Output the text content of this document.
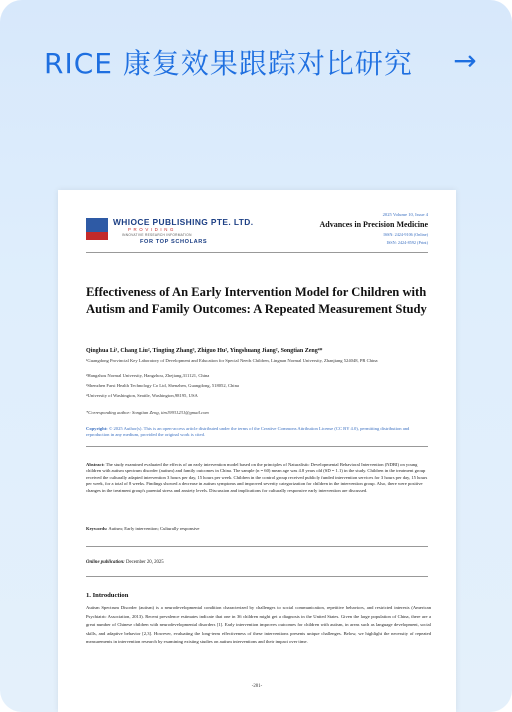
RICE 康复效果跟踪对比研究	→
WHIOCE PUBLISHING PTE. LTD.
PROVIDING
INNOVATIVE RESEARCH INFORMATION
FOR TOP SCHOLARS
2025 Volume 10, Issue 4
Advances in Precision Medicine
ISSN: 2424-9106 (Online)
ISSN: 2424-8592 (Print)
Effectiveness of An Early Intervention Model for Children with Autism and Family Outcomes: A Repeated Measurement Study
Qinghua Li¹, Chang Liu², Tingting Zhang³, Zhiguo Hu², Yingshuang Jiang², Songtian Zeng⁴*
¹Guangdong Provincial Key Laboratory of Development and Education for Special Needs Children, Lingnan Normal University, Zhanjiang 524048, PR China
²Hangzhou Normal University, Hangzhou, Zhejiang,311121, China
³Shenzhen Farsi Health Technology Co Ltd, Shenzhen, Guangdong, 518052, China
⁴University of Washington, Seattle, Washington,98195, USA
*Corresponding author: Songtian Zeng, tim19931231@gmail.com
Copyright: © 2025 Author(s). This is an open-access article distributed under the terms of the Creative Commons Attribution License (CC BY 4.0), permitting distribution and reproduction in any medium, provided the original work is cited.
Abstract: The study examined evaluated the effects of an early intervention model based on the principles of Naturalistic Developmental Behavioral Intervention (NDBI) on young children with autism spectrum disorder (autism) and family outcomes in China. The sample (n = 60) mean age was 4.8 years old (SD = 1.1) in the study. Children in the treatment group received the culturally adapted intervention 3 hours per day, 15 hours per week. Children in the control group received publicly funded intervention services for 3 hours per day, 15 hours per week, for a total of 8 weeks. Findings showed a decrease in autism symptoms and improved severity categorization for children in the intervention group. Also, there were positive changes in the treatment group's parental stress and anxiety levels. Discussion and implications for culturally responsive early intervention are discussed.
Keywords: Autism; Early intervention; Culturally responsive
Online publication: December 20, 2025
1. Introduction
Autism Spectrum Disorder (autism) is a neurodevelopmental condition characterized by challenges to social communication, repetitive behaviors, and restricted interests (American Psychiatric Association, 2013). Recent prevalence estimates indicate that one in 36 children might get a diagnosis in the United States. Given the large population of China, there are a great number of Chinese children with neurodevelopmental disorders [1]. Early intervention improves outcomes for children with autism, in areas such as language development, social skills, and adaptive behavior [2,3]. However, evaluating the long-term effectiveness of these interventions presents unique challenges. Below, we highlight the necessity of repeated measurements in intervention research by examining existing studies on autism interventions and their impact over time.
-281-
